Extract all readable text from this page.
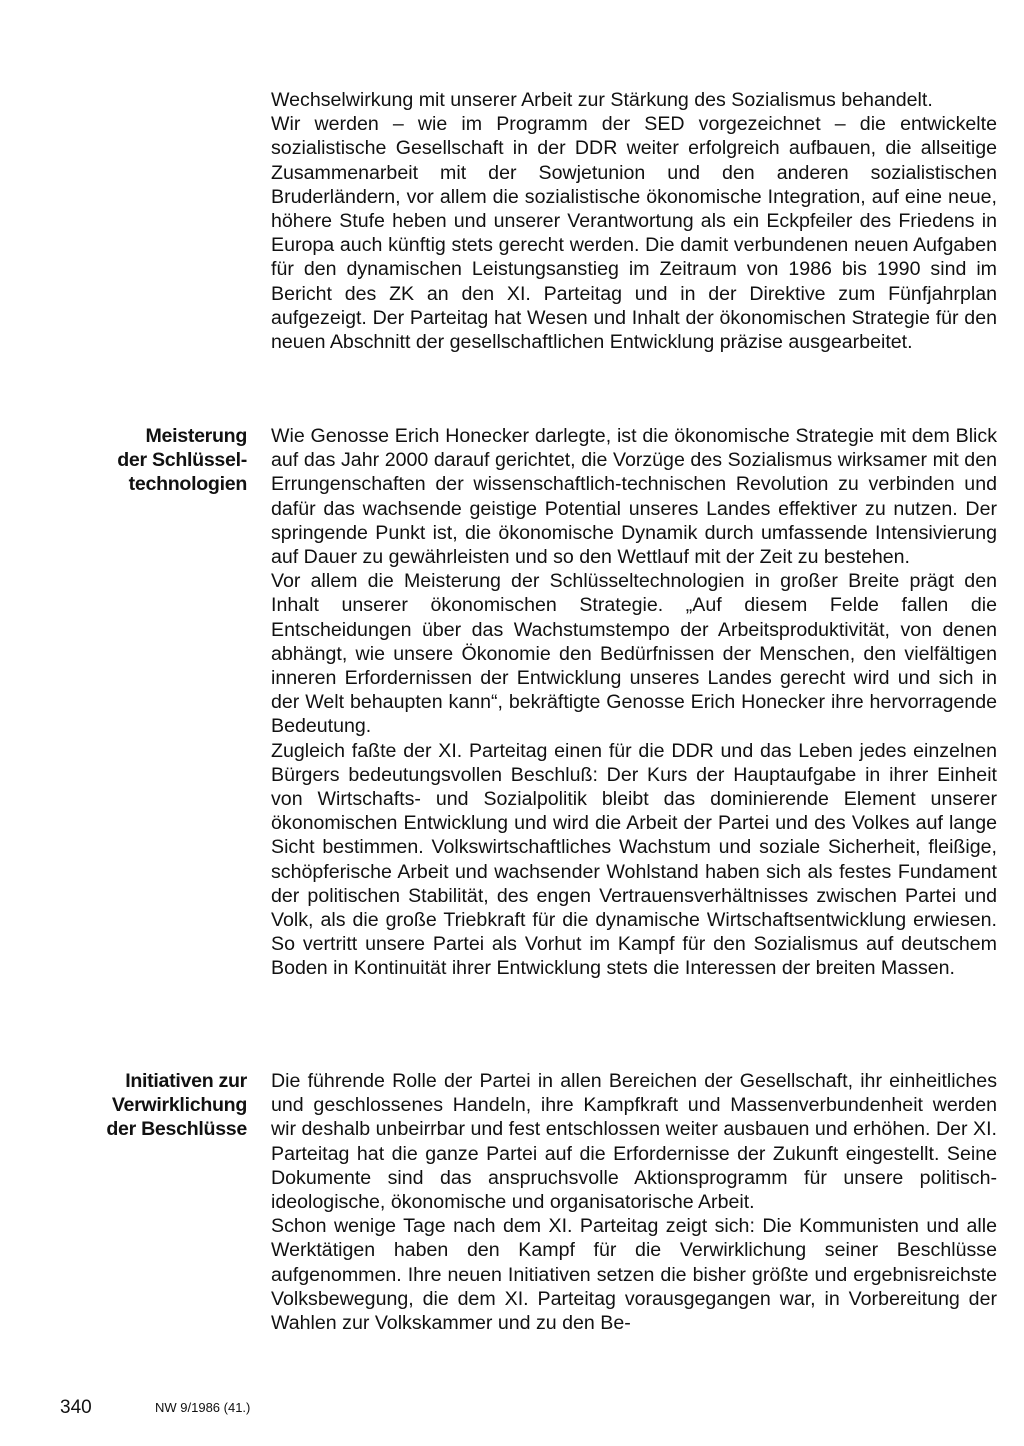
Wechselwirkung mit unserer Arbeit zur Stärkung des Sozialismus behandelt.

Wir werden – wie im Programm der SED vorgezeichnet – die entwickelte sozialistische Gesellschaft in der DDR weiter erfolgreich aufbauen, die allseitige Zusammenarbeit mit der Sowjetunion und den anderen sozialistischen Bruderländern, vor allem die sozialistische ökonomische Integration, auf eine neue, höhere Stufe heben und unserer Verantwortung als ein Eckpfeiler des Friedens in Europa auch künftig stets gerecht werden. Die damit verbundenen neuen Aufgaben für den dynamischen Leistungsanstieg im Zeitraum von 1986 bis 1990 sind im Bericht des ZK an den XI. Parteitag und in der Direktive zum Fünfjahrplan aufgezeigt. Der Parteitag hat Wesen und Inhalt der ökonomischen Strategie für den neuen Abschnitt der gesellschaftlichen Entwicklung präzise ausgearbeitet.

Meisterung
der Schlüssel-
technologien

Wie Genosse Erich Honecker darlegte, ist die ökonomische Strategie mit dem Blick auf das Jahr 2000 darauf gerichtet, die Vorzüge des Sozialismus wirksamer mit den Errungenschaften der wissenschaftlich-technischen Revolution zu verbinden und dafür das wachsende geistige Potential unseres Landes effektiver zu nutzen. Der springende Punkt ist, die ökonomische Dynamik durch umfassende Intensivierung auf Dauer zu gewährleisten und so den Wettlauf mit der Zeit zu bestehen.

Vor allem die Meisterung der Schlüsseltechnologien in großer Breite prägt den Inhalt unserer ökonomischen Strategie. „Auf diesem Felde fallen die Entscheidungen über das Wachstumstempo der Arbeitsproduktivität, von denen abhängt, wie unsere Ökonomie den Bedürfnissen der Menschen, den vielfältigen inneren Erfordernissen der Entwicklung unseres Landes gerecht wird und sich in der Welt behaupten kann“, bekräftigte Genosse Erich Honecker ihre hervorragende Bedeutung.

Zugleich faßte der XI. Parteitag einen für die DDR und das Leben jedes einzelnen Bürgers bedeutungsvollen Beschluß: Der Kurs der Hauptaufgabe in ihrer Einheit von Wirtschafts- und Sozialpolitik bleibt das dominierende Element unserer ökonomischen Entwicklung und wird die Arbeit der Partei und des Volkes auf lange Sicht bestimmen. Volkswirtschaftliches Wachstum und soziale Sicherheit, fleißige, schöpferische Arbeit und wachsender Wohlstand haben sich als festes Fundament der politischen Stabilität, des engen Vertrauensverhältnisses zwischen Partei und Volk, als die große Triebkraft für die dynamische Wirtschaftsentwicklung erwiesen. So vertritt unsere Partei als Vorhut im Kampf für den Sozialismus auf deutschem Boden in Kontinuität ihrer Entwicklung stets die Interessen der breiten Massen.

Initiativen zur
Verwirklichung
der Beschlüsse

Die führende Rolle der Partei in allen Bereichen der Gesellschaft, ihr einheitliches und geschlossenes Handeln, ihre Kampfkraft und Massenverbundenheit werden wir deshalb unbeirrbar und fest entschlossen weiter ausbauen und erhöhen. Der XI. Parteitag hat die ganze Partei auf die Erfordernisse der Zukunft eingestellt. Seine Dokumente sind das anspruchsvolle Aktionsprogramm für unsere politisch-ideologische, ökonomische und organisatorische Arbeit.

Schon wenige Tage nach dem XI. Parteitag zeigt sich: Die Kommunisten und alle Werktätigen haben den Kampf für die Verwirklichung seiner Beschlüsse aufgenommen. Ihre neuen Initiativen setzen die bisher größte und ergebnisreichste Volksbewegung, die dem XI. Parteitag vorausgegangen war, in Vorbereitung der Wahlen zur Volkskammer und zu den Be-

340	NW 9/1986 (41.)
